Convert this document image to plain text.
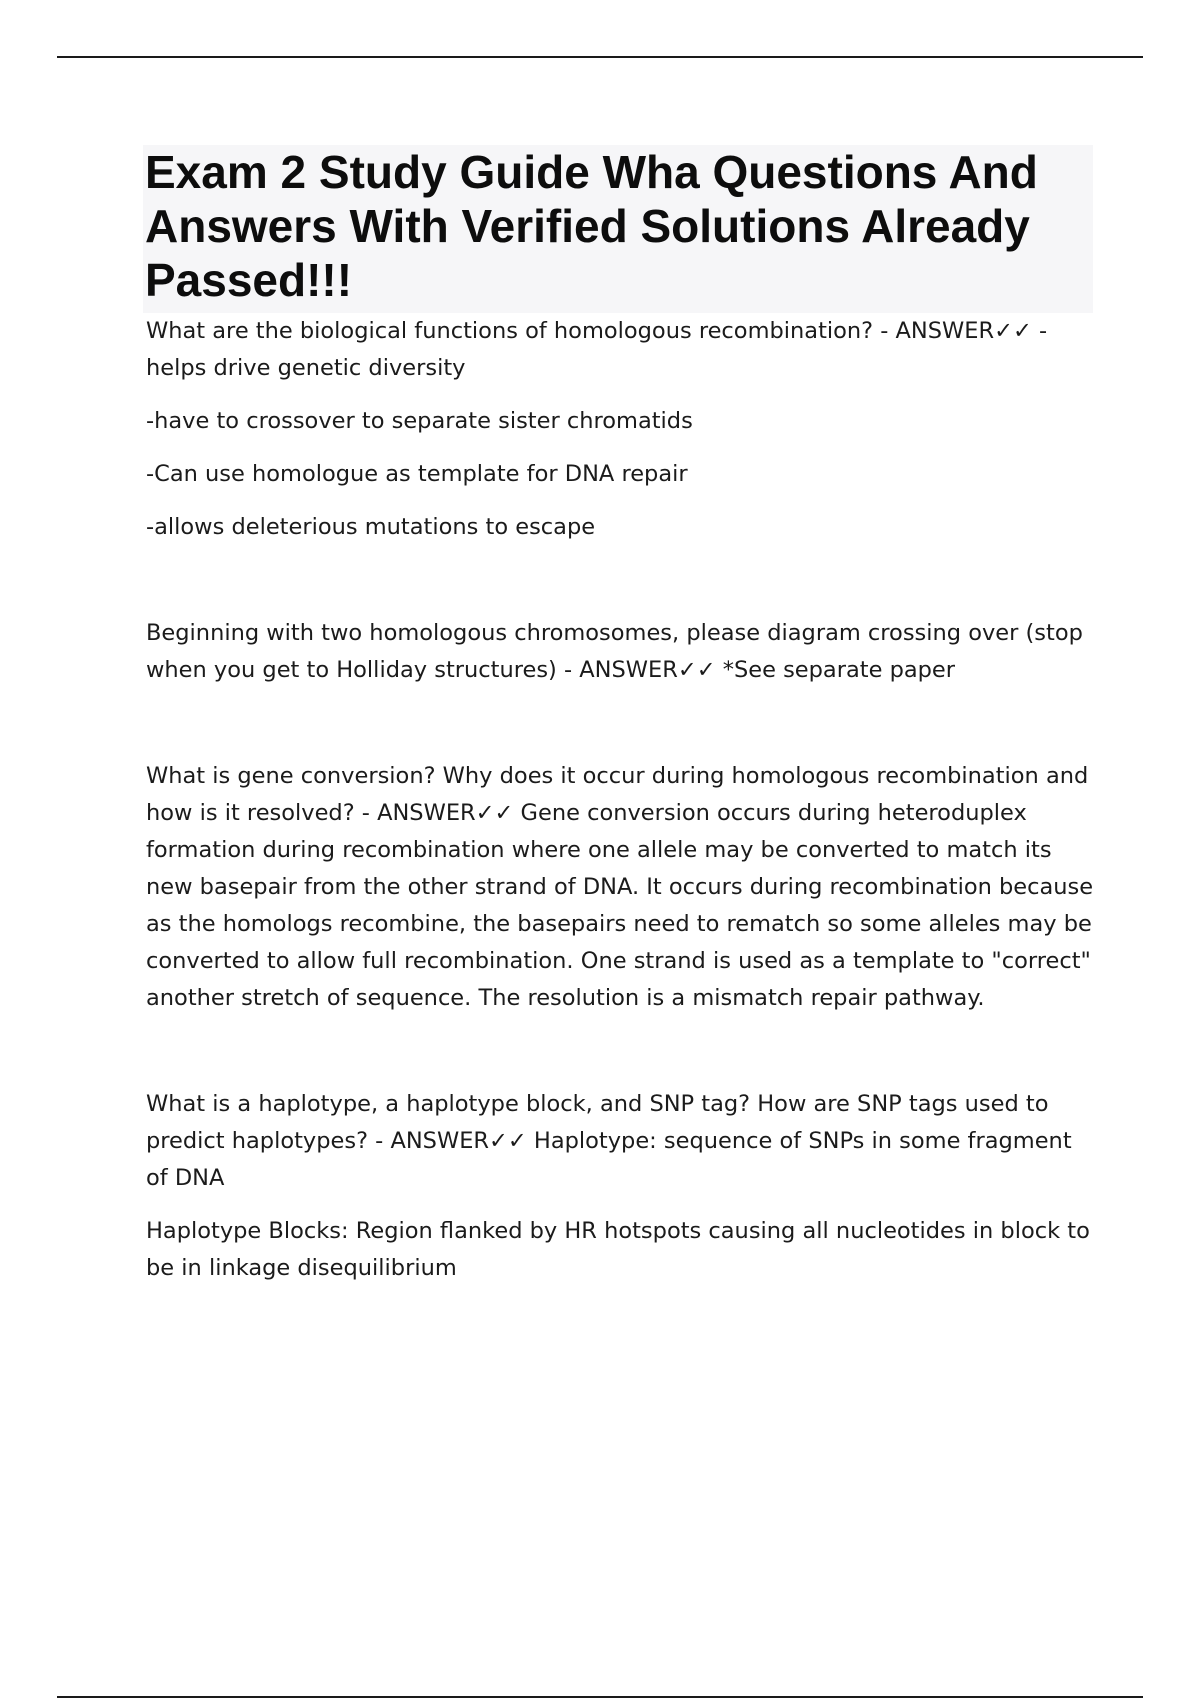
Exam 2 Study Guide Wha Questions And Answers With Verified Solutions Already Passed!!!

What are the biological functions of homologous recombination? - ANSWER✓✓ -helps drive genetic diversity

-have to crossover to separate sister chromatids

-Can use homologue as template for DNA repair

-allows deleterious mutations to escape

Beginning with two homologous chromosomes, please diagram crossing over (stop when you get to Holliday structures) - ANSWER✓✓ *See separate paper

What is gene conversion? Why does it occur during homologous recombination and how is it resolved? - ANSWER✓✓ Gene conversion occurs during heteroduplex formation during recombination where one allele may be converted to match its new basepair from the other strand of DNA. It occurs during recombination because as the homologs recombine, the basepairs need to rematch so some alleles may be converted to allow full recombination. One strand is used as a template to "correct" another stretch of sequence. The resolution is a mismatch repair pathway.

What is a haplotype, a haplotype block, and SNP tag? How are SNP tags used to predict haplotypes? - ANSWER✓✓ Haplotype: sequence of SNPs in some fragment of DNA

Haplotype Blocks: Region flanked by HR hotspots causing all nucleotides in block to be in linkage disequilibrium
